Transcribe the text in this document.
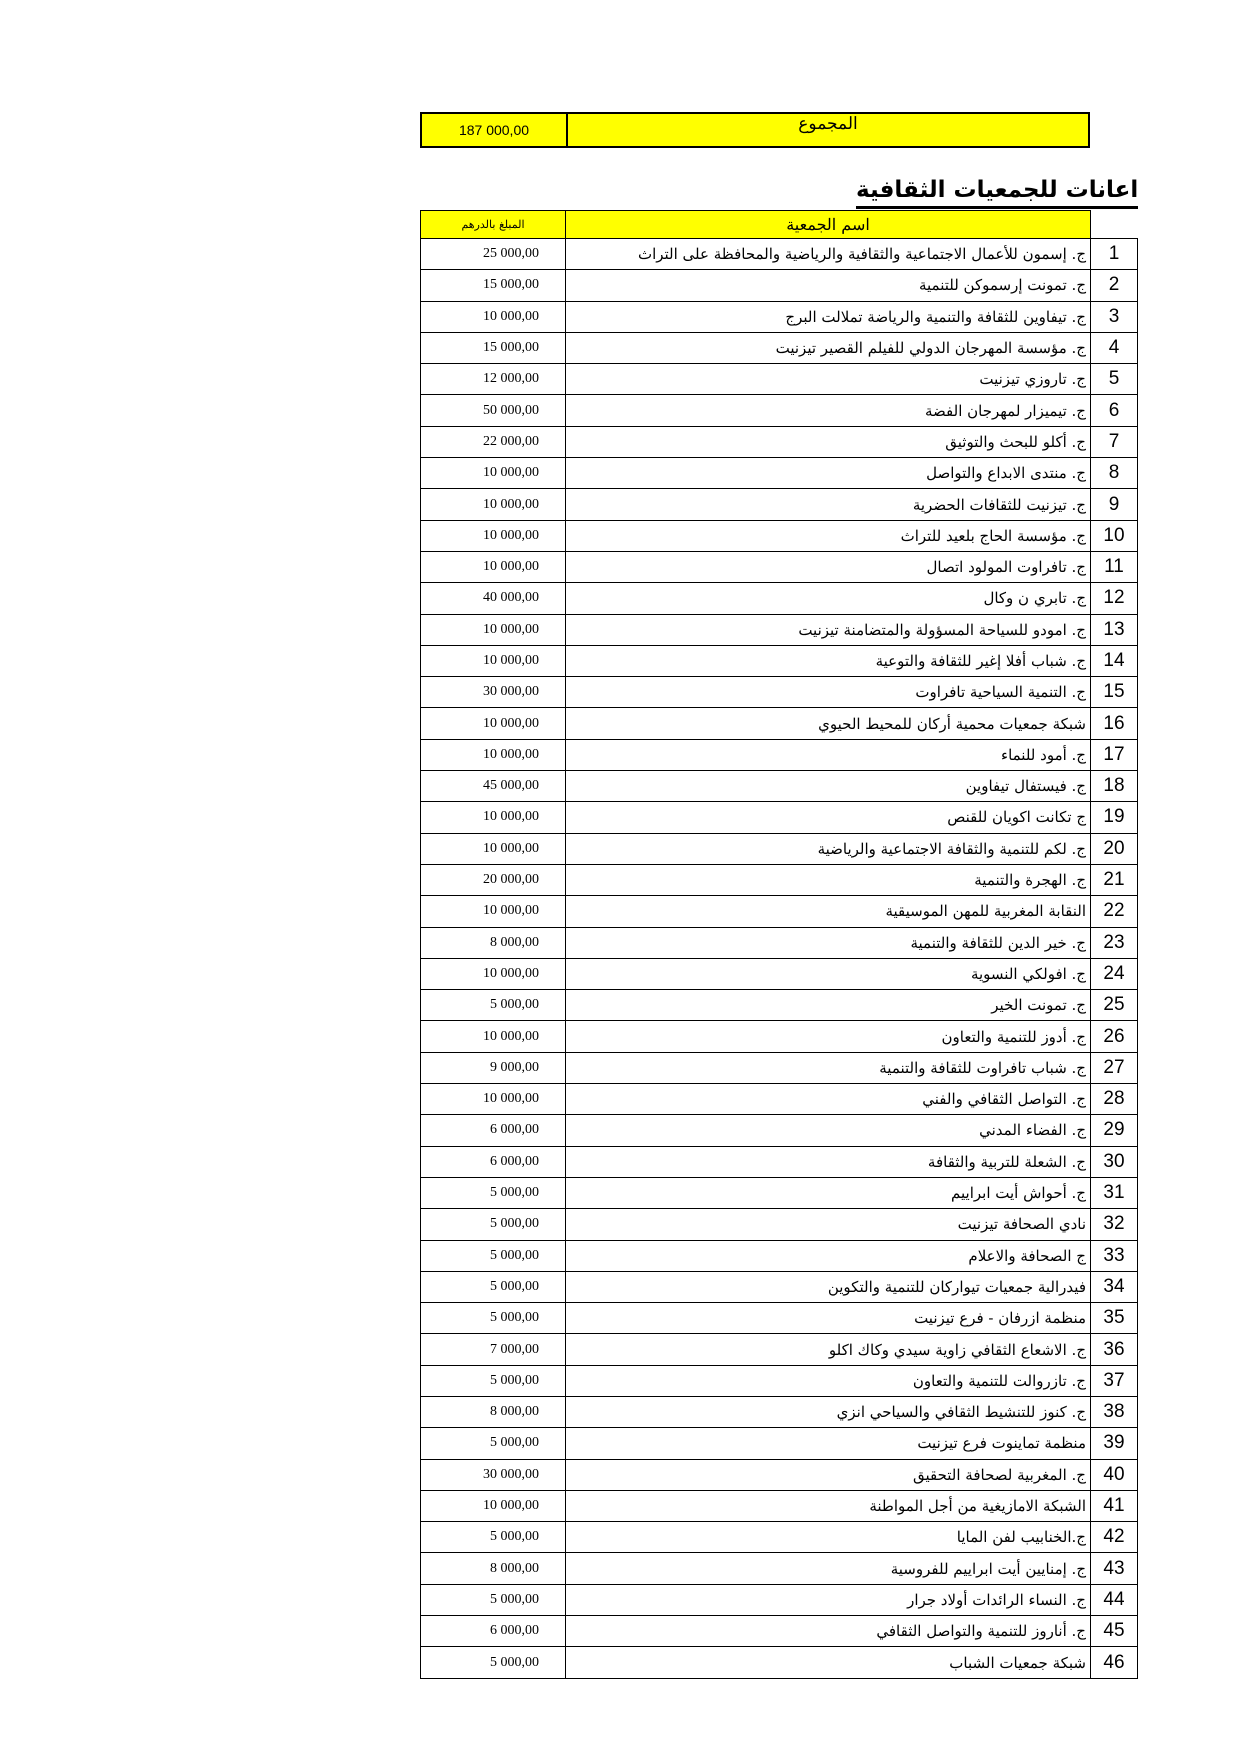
187 000,00	المجموع
اعانات للجمعيات الثقافية
المبلغ بالدرهم	اسم الجمعية	
25 000,00	ج. إسمون للأعمال الاجتماعية والثقافية والرياضية والمحافظة على التراث	1
15 000,00	ج. تمونت إرسموكن للتنمية	2
10 000,00	ج. تيفاوين للثقافة والتنمية والرياضة تملالت البرج	3
15 000,00	ج. مؤسسة المهرجان الدولي للفيلم القصير تيزنيت	4
12 000,00	ج. تاروزي تيزنيت	5
50 000,00	ج. تيميزار لمهرجان الفضة	6
22 000,00	ج. أكلو للبحث والتوثيق	7
10 000,00	ج. منتدى الابداع والتواصل	8
10 000,00	ج. تيزنيت للثقافات الحضرية	9
10 000,00	ج. مؤسسة الحاج بلعيد للتراث	10
10 000,00	ج. تافراوت المولود اتصال	11
40 000,00	ج. تابري ن وكال	12
10 000,00	ج. امودو للسياحة المسؤولة والمتضامنة تيزنيت	13
10 000,00	ج. شباب أفلا إغير للثقافة والتوعية	14
30 000,00	ج. التنمية السياحية تافراوت	15
10 000,00	شبكة جمعيات محمية أركان للمحيط الحيوي	16
10 000,00	ج. أمود للنماء	17
45 000,00	ج. فيستفال تيفاوين	18
10 000,00	ج تكانت اكويان للقنص	19
10 000,00	ج. لكم للتنمية والثقافة الاجتماعية والرياضية	20
20 000,00	ج. الهجرة والتنمية	21
10 000,00	النقابة المغربية للمهن الموسيقية	22
8 000,00	ج. خير الدين للثقافة والتنمية	23
10 000,00	ج. افولكي النسوية	24
5 000,00	ج. تمونت الخير	25
10 000,00	ج. أدوز للتنمية والتعاون	26
9 000,00	ج. شباب تافراوت للثقافة والتنمية	27
10 000,00	ج. التواصل الثقافي والفني	28
6 000,00	ج. الفضاء المدني	29
6 000,00	ج. الشعلة للتربية والثقافة	30
5 000,00	ج. أحواش أيت ابراييم	31
5 000,00	نادي الصحافة تيزنيت	32
5 000,00	ج الصحافة والاعلام	33
5 000,00	فيدرالية جمعيات تيواركان للتنمية والتكوين	34
5 000,00	منظمة ازرفان - فرع تيزنيت	35
7 000,00	ج. الاشعاع الثقافي زاوية سيدي وكاك اكلو	36
5 000,00	ج. تازروالت للتنمية والتعاون	37
8 000,00	ج. كنوز للتنشيط الثقافي والسياحي انزي	38
5 000,00	منظمة تماينوت فرع تيزنيت	39
30 000,00	ج. المغربية لصحافة التحقيق	40
10 000,00	الشبكة الامازيغية من أجل المواطنة	41
5 000,00	ج.الخنابيب لفن المايا	42
8 000,00	ج. إمنايين أيت ابراييم للفروسية	43
5 000,00	ج. النساء الرائدات أولاد جرار	44
6 000,00	ج. أناروز للتنمية والتواصل الثقافي	45
5 000,00	شبكة جمعيات الشباب	46
